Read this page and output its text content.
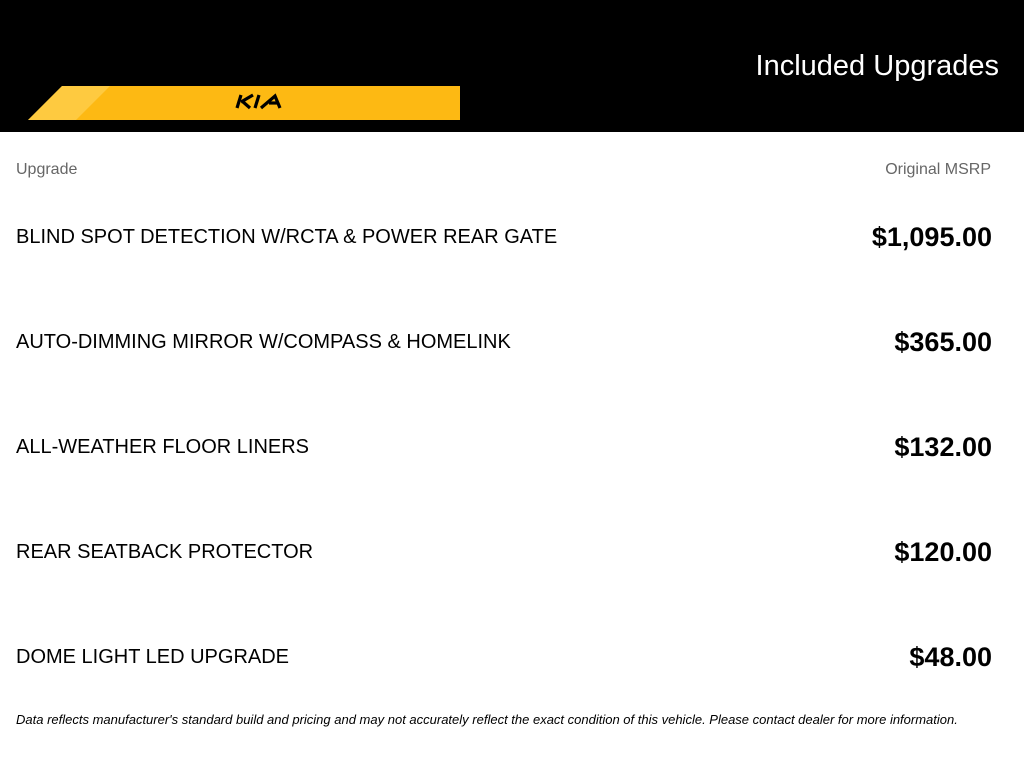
KIA	Included Upgrades
Upgrade	Original MSRP
BLIND SPOT DETECTION W/RCTA & POWER REAR GATE	$1,095.00
AUTO-DIMMING MIRROR W/COMPASS & HOMELINK	$365.00
ALL-WEATHER FLOOR LINERS	$132.00
REAR SEATBACK PROTECTOR	$120.00
DOME LIGHT LED UPGRADE	$48.00
Data reflects manufacturer's standard build and pricing and may not accurately reflect the exact condition of this vehicle. Please contact dealer for more information.
